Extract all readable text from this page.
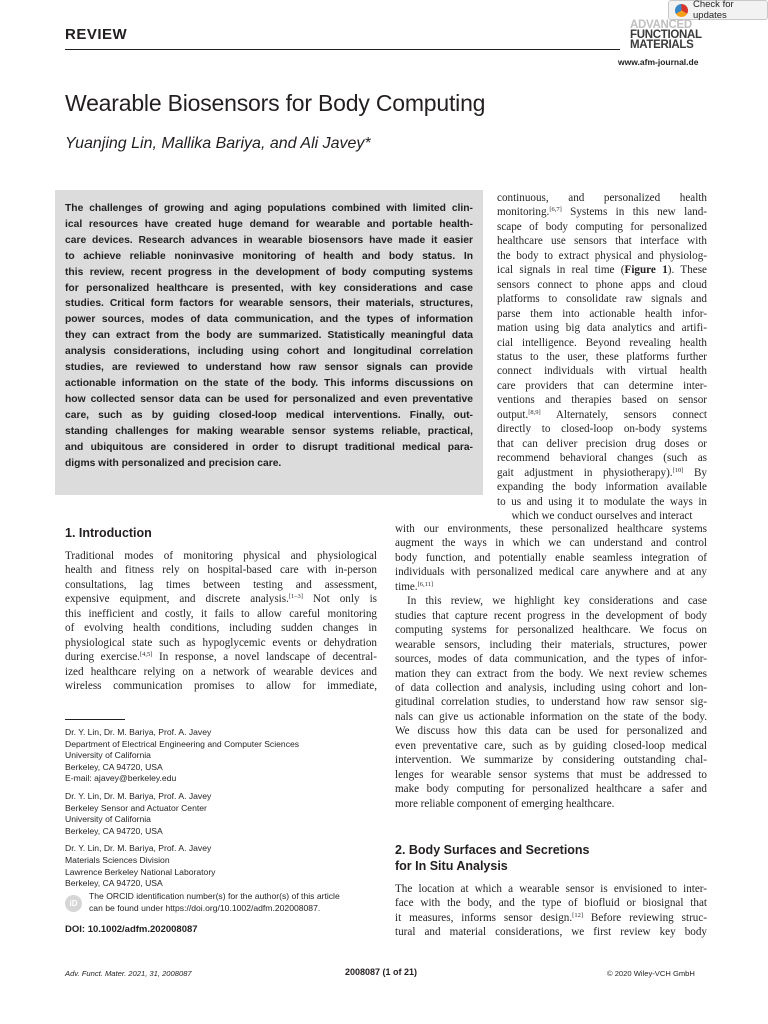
Check for updates
REVIEW
ADVANCED
FUNCTIONAL
MATERIALS
www.afm-journal.de
Wearable Biosensors for Body Computing
Yuanjing Lin, Mallika Bariya, and Ali Javey*
The challenges of growing and aging populations combined with limited clin-
ical resources have created huge demand for wearable and portable health-
care devices. Research advances in wearable biosensors have made it easier
to achieve reliable noninvasive monitoring of health and body status. In
this review, recent progress in the development of body computing systems
for personalized healthcare is presented, with key considerations and case
studies. Critical form factors for wearable sensors, their materials, structures,
power sources, modes of data communication, and the types of information
they can extract from the body are summarized. Statistically meaningful data
analysis considerations, including using cohort and longitudinal correlation
studies, are reviewed to understand how raw sensor signals can provide
actionable information on the state of the body. This informs discussions on
how collected sensor data can be used for personalized and even preventative
care, such as by guiding closed-loop medical interventions. Finally, out-
standing challenges for making wearable sensor systems reliable, practical,
and ubiquitous are considered in order to disrupt traditional medical para-
digms with personalized and precision care.
continuous, and personalized health
monitoring.[6,7] Systems in this new land-
scape of body computing for personalized
healthcare use sensors that interface with
the body to extract physical and physiolog-
ical signals in real time (Figure 1). These
sensors connect to phone apps and cloud
platforms to consolidate raw signals and
parse them into actionable health infor-
mation using big data analytics and artifi-
cial intelligence. Beyond revealing health
status to the user, these platforms further
connect individuals with virtual health
care providers that can determine inter-
ventions and therapies based on sensor
output.[8,9] Alternately, sensors connect
directly to closed-loop on-body systems
that can deliver precision drug doses or
recommend behavioral changes (such as
gait adjustment in physiotherapy).[10] By
expanding the body information available
to us and using it to modulate the ways in
which we conduct ourselves and interact
with our environments, these personalized healthcare systems
augment the ways in which we can understand and control
body function, and potentially enable seamless integration of
individuals with personalized medical care anywhere and at any
time.[6,11]
In this review, we highlight key considerations and case
studies that capture recent progress in the development of body
computing systems for personalized healthcare. We focus on
wearable sensors, including their materials, structures, power
sources, modes of data communication, and the types of infor-
mation they can extract from the body. We next review schemes
of data collection and analysis, including using cohort and lon-
gitudinal correlation studies, to understand how raw sensor sig-
nals can give us actionable information on the state of the body.
We discuss how this data can be used for personalized and
even preventative care, such as by guiding closed-loop medical
intervention. We summarize by considering outstanding chal-
lenges for wearable sensor systems that must be addressed to
make body computing for personalized healthcare a safer and
more reliable component of emerging healthcare.
1. Introduction
Traditional modes of monitoring physical and physiological
health and fitness rely on hospital-based care with in-person
consultations, lag times between testing and assessment,
expensive equipment, and discrete analysis.[1–3] Not only is
this inefficient and costly, it fails to allow careful monitoring
of evolving health conditions, including sudden changes in
physiological state such as hypoglycemic events or dehydration
during exercise.[4,5] In response, a novel landscape of decentral-
ized healthcare relying on a network of wearable devices and
wireless communication promises to allow for immediate,
2. Body Surfaces and Secretions
for In Situ Analysis
The location at which a wearable sensor is envisioned to inter-
face with the body, and the type of biofluid or biosignal that
it measures, informs sensor design.[12] Before reviewing struc-
tural and material considerations, we first review key body
Dr. Y. Lin, Dr. M. Bariya, Prof. A. Javey
Department of Electrical Engineering and Computer Sciences
University of California
Berkeley, CA 94720, USA
E-mail: ajavey@berkeley.edu
Dr. Y. Lin, Dr. M. Bariya, Prof. A. Javey
Berkeley Sensor and Actuator Center
University of California
Berkeley, CA 94720, USA
Dr. Y. Lin, Dr. M. Bariya, Prof. A. Javey
Materials Sciences Division
Lawrence Berkeley National Laboratory
Berkeley, CA 94720, USA
iD
The ORCID identification number(s) for the author(s) of this article
can be found under https://doi.org/10.1002/adfm.202008087.
DOI: 10.1002/adfm.202008087
Adv. Funct. Mater. 2021, 31, 2008087	2008087 (1 of 21)	© 2020 Wiley-VCH GmbH
